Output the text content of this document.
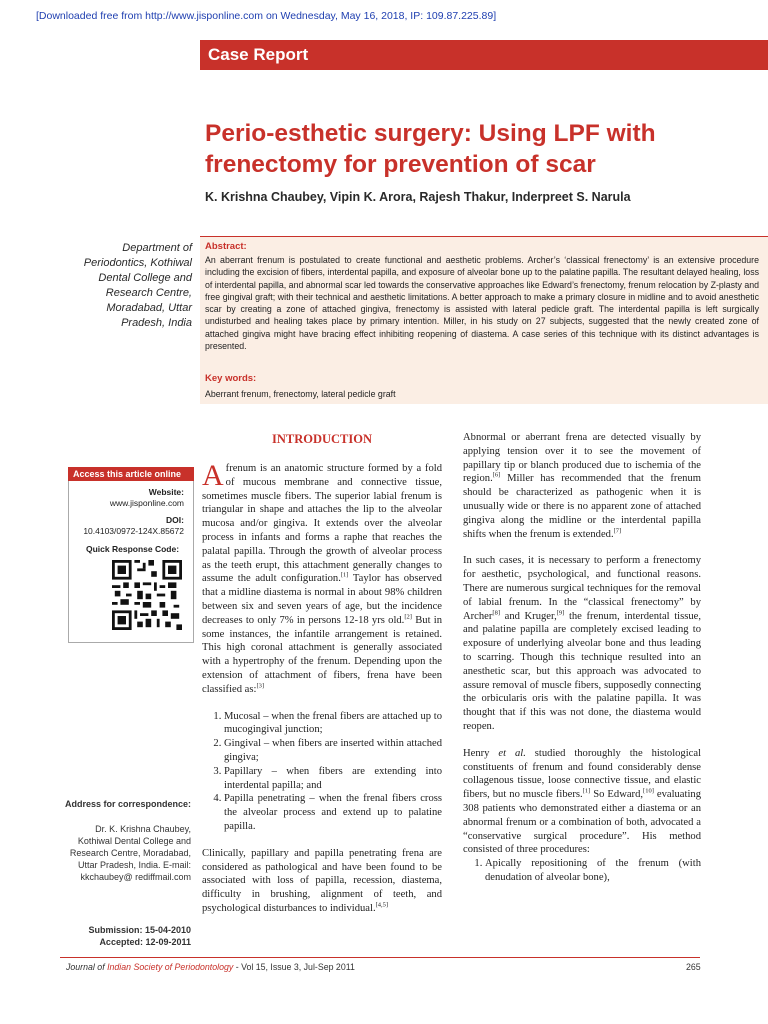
[Downloaded free from http://www.jisponline.com on Wednesday, May 16, 2018, IP: 109.87.225.89]
Case Report
Perio-esthetic surgery: Using LPF with frenectomy for prevention of scar
K. Krishna Chaubey, Vipin K. Arora, Rajesh Thakur, Inderpreet S. Narula
Department of Periodontics, Kothiwal Dental College and Research Centre, Moradabad, Uttar Pradesh, India
Abstract:
An aberrant frenum is postulated to create functional and aesthetic problems. Archer’s ‘classical frenectomy’ is an extensive procedure including the excision of fibers, interdental papilla, and exposure of alveolar bone up to the palatine papilla. The resultant delayed healing, loss of interdental papilla, and abnormal scar led towards the conservative approaches like Edward’s frenectomy, frenum relocation by Z-plasty and free gingival graft; with their technical and aesthetic limitations. A better approach to make a primary closure in midline and to avoid anesthetic scar by creating a zone of attached gingiva, frenectomy is assisted with lateral pedicle graft. The interdental papilla is left surgically undisturbed and healing takes place by primary intention. Miller, in his study on 27 subjects, suggested that the newly created zone of attached gingiva might have bracing effect inhibiting reopening of diastema. A case series of this technique with its distinct advantages is presented.
Key words:
Aberrant frenum, frenectomy, lateral pedicle graft
Access this article online
Website:
www.jisponline.com
DOI:
10.4103/0972-124X.85672
Quick Response Code:
Address for correspondence:
Dr. K. Krishna Chaubey, Kothiwal Dental College and Research Centre, Moradabad, Uttar Pradesh, India. E-mail: kkchaubey@ rediffmail.com
Submission: 15-04-2010
Accepted: 12-09-2011
INTRODUCTION

Afrenum is an anatomic structure formed by a fold of mucous membrane and connective tissue, sometimes muscle fibers. The superior labial frenum is triangular in shape and attaches the lip to the alveolar mucosa and/or gingiva. It extends over the alveolar process in infants and forms a raphe that reaches the palatal papilla. Through the growth of alveolar process as the teeth erupt, this attachment generally changes to assume the adult configuration.[1] Taylor has observed that a midline diastema is normal in about 98% children between six and seven years of age, but the incidence decreases to only 7% in persons 12-18 yrs old.[2] But in some instances, the infantile arrangement is retained. This high coronal attachment is generally associated with a hypertrophy of the frenum. Depending upon the extension of attachment of fibers, frena have been classified as:[3]

1. Mucosal – when the frenal fibers are attached up to mucogingival junction;
2. Gingival – when fibers are inserted within attached gingiva;
3. Papillary – when fibers are extending into interdental papilla; and
4. Papilla penetrating – when the frenal fibers cross the alveolar process and extend up to palatine papilla.

Clinically, papillary and papilla penetrating frena are considered as pathological and have been found to be associated with loss of papilla, recession, diastema, difficulty in brushing, alignment of teeth, and psychological disturbances to individual.[4,5]

Abnormal or aberrant frena are detected visually by applying tension over it to see the movement of papillary tip or blanch produced due to ischemia of the region.[6] Miller has recommended that the frenum should be characterized as pathogenic when it is unusually wide or there is no apparent zone of attached gingiva along the midline or the interdental papilla shifts when the frenum is extended.[7]

In such cases, it is necessary to perform a frenectomy for aesthetic, psychological, and functional reasons. There are numerous surgical techniques for the removal of labial frenum. In the “classical frenectomy” by Archer[8] and Kruger,[9] the frenum, interdental tissue, and palatine papilla are completely excised leading to exposure of underlying alveolar bone and thus leading to scarring. Though this technique resulted into an anesthetic scar, but this approach was advocated to assure removal of muscle fibers, supposedly connecting the orbicularis oris with the palatine papilla. It was thought that if this was not done, the diastema would reopen.

Henry et al. studied thoroughly the histological constituents of frenum and found considerably dense collagenous tissue, loose connective tissue, and elastic fibers, but no muscle fibers.[1] So Edward,[10] evaluating 308 patients who demonstrated either a diastema or an abnormal frenum or a combination of both, advocated a “conservative surgical procedure”. His method consisted of three procedures:

1. Apically repositioning of the frenum (with denudation of alveolar bone),
Journal of Indian Society of Periodontology - Vol 15, Issue 3, Jul-Sep 2011	265
